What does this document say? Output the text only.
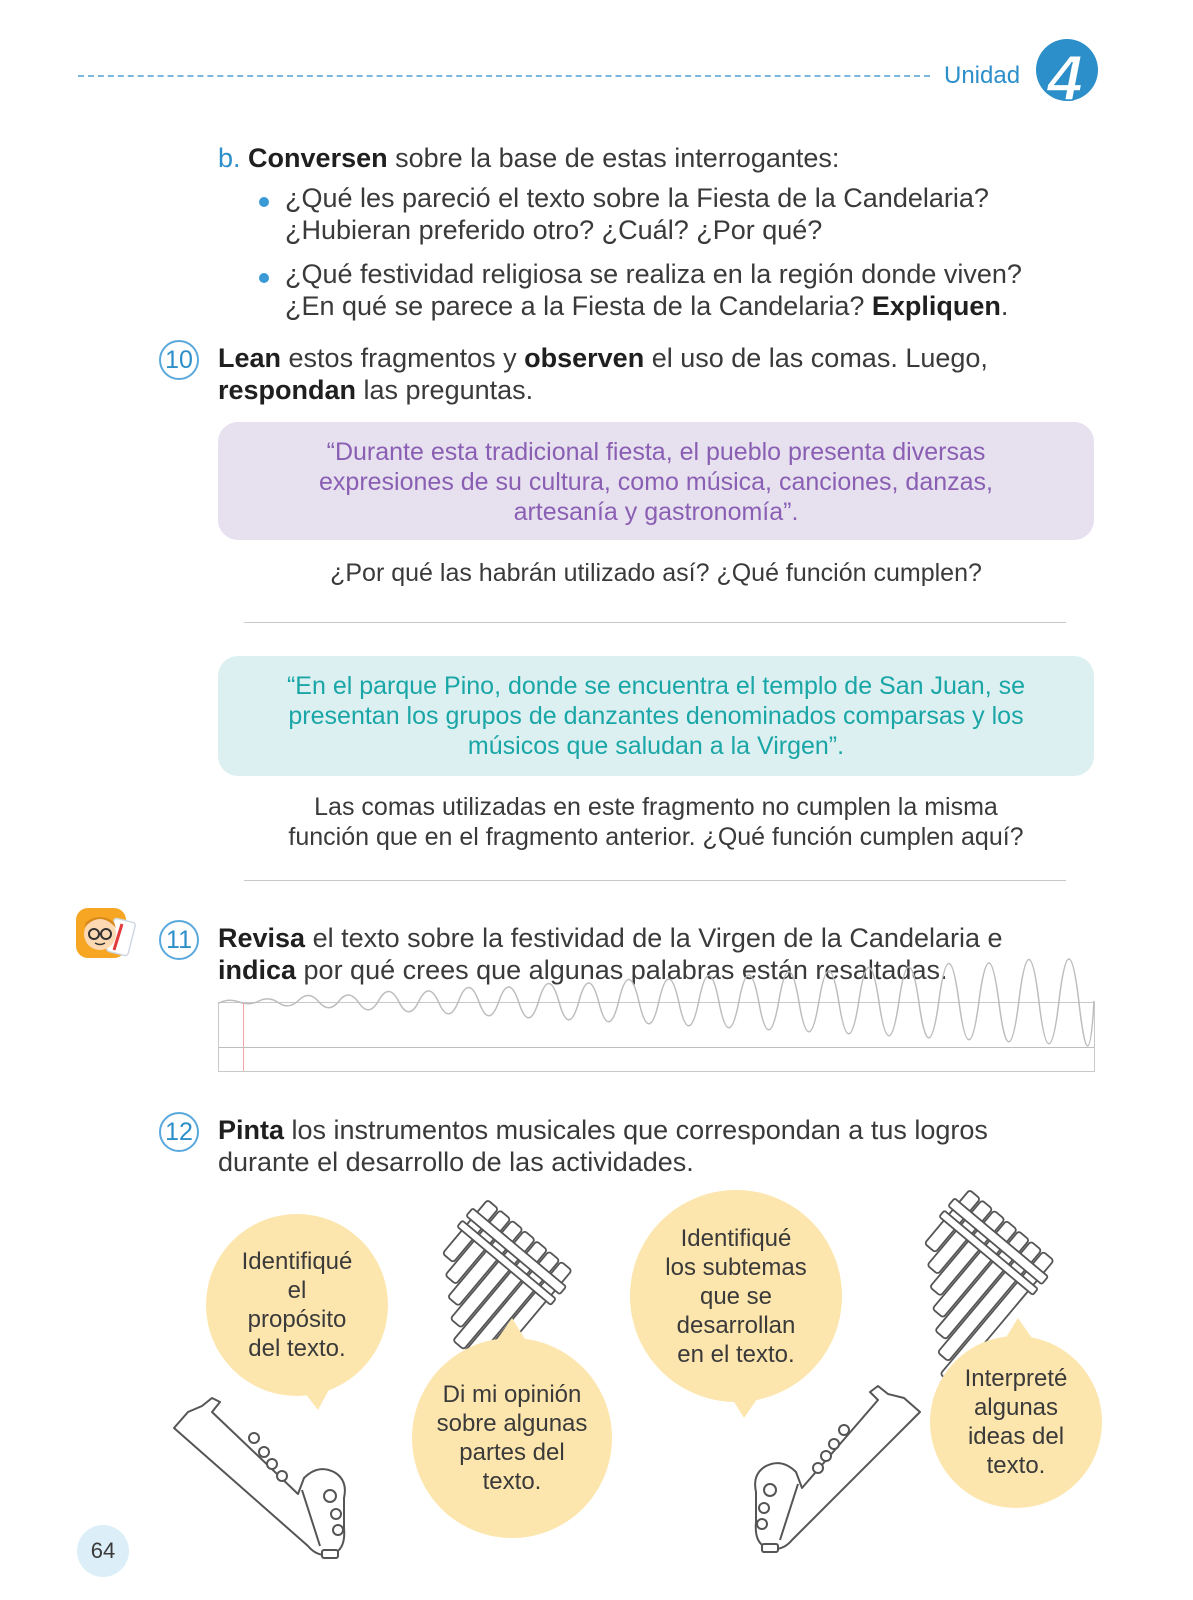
Unidad 4
b. Conversen sobre la base de estas interrogantes:
¿Qué les pareció el texto sobre la Fiesta de la Candelaria?
¿Hubieran preferido otro? ¿Cuál? ¿Por qué?
¿Qué festividad religiosa se realiza en la región donde viven?
¿En qué se parece a la Fiesta de la Candelaria? Expliquen.
10 Lean estos fragmentos y observen el uso de las comas. Luego,
respondan las preguntas.
“Durante esta tradicional fiesta, el pueblo presenta diversas
expresiones de su cultura, como música, canciones, danzas,
artesanía y gastronomía”.
¿Por qué las habrán utilizado así? ¿Qué función cumplen?
“En el parque Pino, donde se encuentra el templo de San Juan, se
presentan los grupos de danzantes denominados comparsas y los
músicos que saludan a la Virgen”.
Las comas utilizadas en este fragmento no cumplen la misma
función que en el fragmento anterior. ¿Qué función cumplen aquí?
11 Revisa el texto sobre la festividad de la Virgen de la Candelaria e
indica por qué crees que algunas palabras están resaltadas.
12 Pinta los instrumentos musicales que correspondan a tus logros
durante el desarrollo de las actividades.
Identifiqué
el
propósito
del texto.
Di mi opinión
sobre algunas
partes del
texto.
Identifiqué
los subtemas
que se
desarrollan
en el texto.
Interpreté
algunas
ideas del
texto.
64
